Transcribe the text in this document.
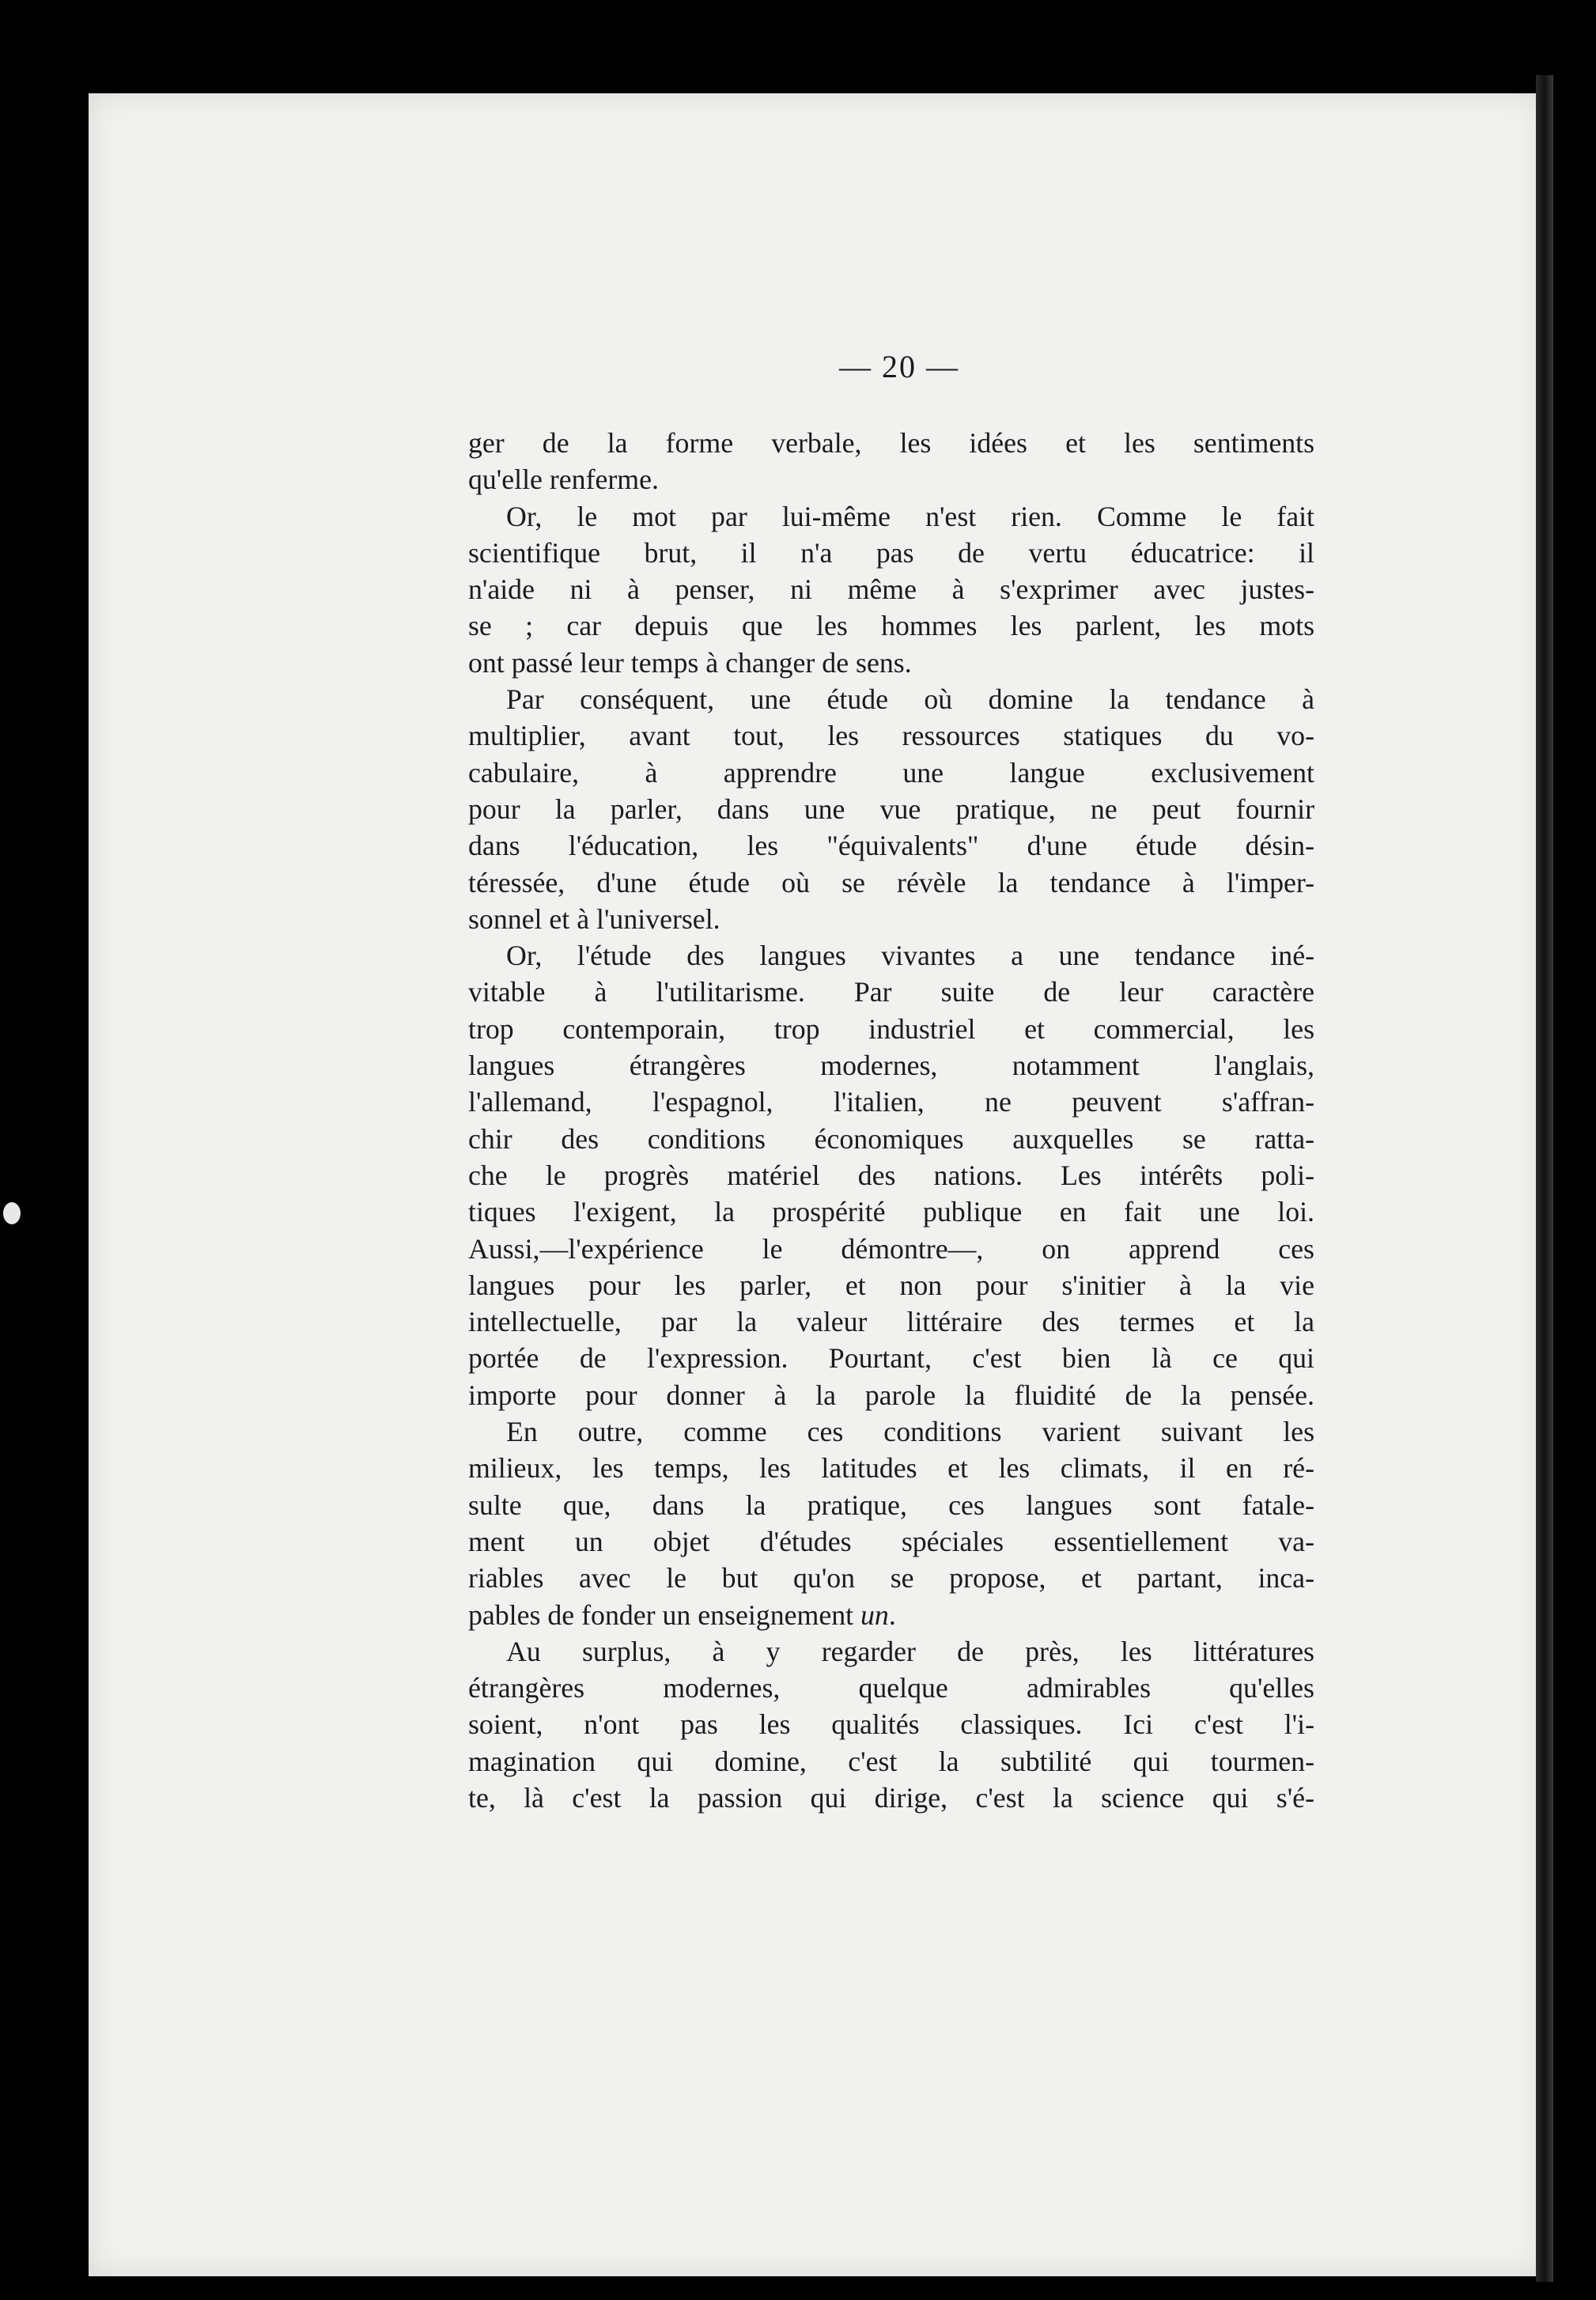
— 20 —

ger de la forme verbale, les idées et les sentiments
qu'elle renferme.

Or, le mot par lui-même n'est rien. Comme le fait
scientifique brut, il n'a pas de vertu éducatrice: il
n'aide ni à penser, ni même à s'exprimer avec justes-
se ; car depuis que les hommes les parlent, les mots
ont passé leur temps à changer de sens.

Par conséquent, une étude où domine la tendance à
multiplier, avant tout, les ressources statiques du vo-
cabulaire, à apprendre une langue exclusivement
pour la parler, dans une vue pratique, ne peut fournir
dans l'éducation, les "équivalents" d'une étude désin-
téressée, d'une étude où se révèle la tendance à l'imper-
sonnel et à l'universel.

Or, l'étude des langues vivantes a une tendance iné-
vitable à l'utilitarisme. Par suite de leur caractère
trop contemporain, trop industriel et commercial, les
langues étrangères modernes, notamment l'anglais,
l'allemand, l'espagnol, l'italien, ne peuvent s'affran-
chir des conditions économiques auxquelles se ratta-
che le progrès matériel des nations. Les intérêts poli-
tiques l'exigent, la prospérité publique en fait une loi.
Aussi,—l'expérience le démontre—, on apprend ces
langues pour les parler, et non pour s'initier à la vie
intellectuelle, par la valeur littéraire des termes et la
portée de l'expression. Pourtant, c'est bien là ce qui
importe pour donner à la parole la fluidité de la pensée.

En outre, comme ces conditions varient suivant les
milieux, les temps, les latitudes et les climats, il en ré-
sulte que, dans la pratique, ces langues sont fatale-
ment un objet d'études spéciales essentiellement va-
riables avec le but qu'on se propose, et partant, inca-
pables de fonder un enseignement un.

Au surplus, à y regarder de près, les littératures
étrangères modernes, quelque admirables qu'elles
soient, n'ont pas les qualités classiques. Ici c'est l'i-
magination qui domine, c'est la subtilité qui tourmen-
te, là c'est la passion qui dirige, c'est la science qui s'é-
